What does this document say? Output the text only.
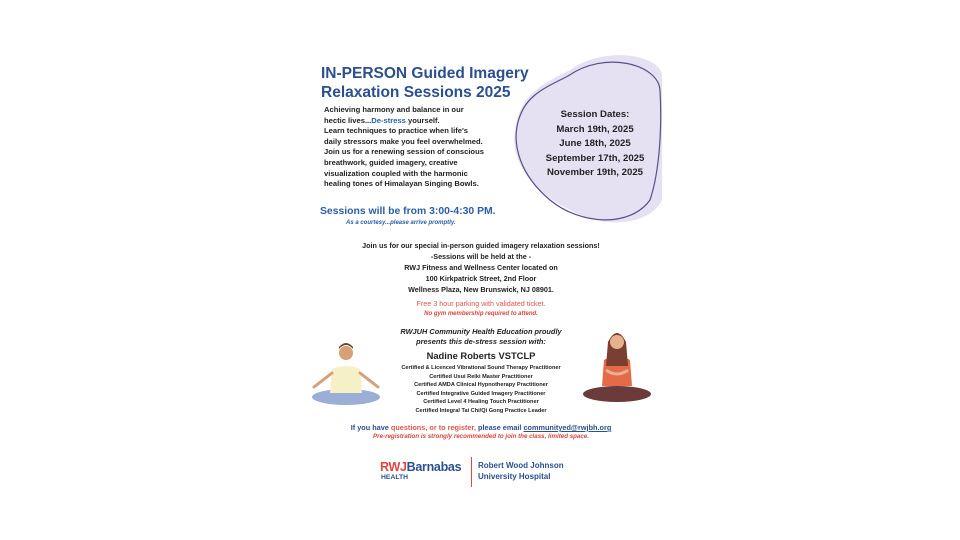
IN-PERSON Guided Imagery
Relaxation Sessions 2025
Achieving harmony and balance in our
hectic lives...De-stress yourself.
Learn techniques to practice when life's
daily stressors make you feel overwhelmed.
Join us for a renewing session of conscious
breathwork, guided imagery, creative
visualization coupled with the harmonic
healing tones of Himalayan Singing Bowls.
Session Dates:
March 19th, 2025
June 18th, 2025
September 17th, 2025
November 19th, 2025
Sessions will be from 3:00-4:30 PM.
As a courtesy...please arrive promptly.
Join us for our special in-person guided imagery relaxation sessions!
-Sessions will be held at the -
RWJ Fitness and Wellness Center located on
100 Kirkpatrick Street, 2nd Floor
Wellness Plaza, New Brunswick, NJ 08901.
Free 3 hour parking with validated ticket.
No gym membership required to attend.
RWJUH Community Health Education proudly
presents this de-stress session with:
Nadine Roberts VSTCLP
Certified & Licenced Vibrational Sound Therapy Practitioner
Certified Usui Reiki Master Practitioner
Certified AMDA Clinical Hypnotherapy Practitioner
Certified Integrative Guided Imagery Practitioner
Certified Level 4 Healing Touch Practitioner
Certified Integral Tai Chi/Qi Gong Practice Leader
If you have questions, or to register, please email communityed@rwjbh.org
Pre-registration is strongly recommended to join the class, limited space.
RWJBarnabas
HEALTH
Robert Wood Johnson
University Hospital
